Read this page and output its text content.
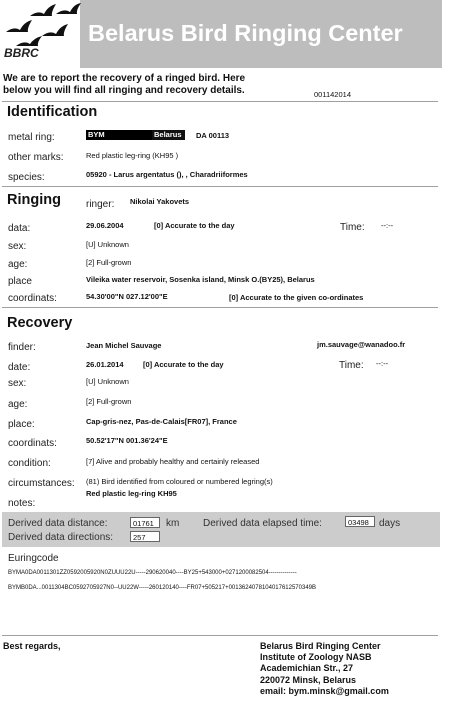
BBRC
Belarus Bird Ringing Center
We are to report the recovery of a ringed bird. Here
below you will find all ringing and recovery details.	001142014
Identification
metal ring:	BYM	Belarus	DA 00113
other marks:	Red plastic leg-ring (KH95 )
species:	05920 - Larus argentatus (), , Charadriiformes
Ringing	ringer: Nikolai Yakovets
data:	29.06.2004	[0] Accurate to the day	Time: --:--
sex:	[U] Unknown
age:	[2] Full-grown
place	Vileika water reservoir, Sosenka island, Minsk O.(BY25), Belarus
coordinats:	54.30'00"N 027.12'00"E	[0] Accurate to the given co-ordinates
Recovery
finder:	Jean Michel Sauvage	jm.sauvage@wanadoo.fr
date:	26.01.2014	[0] Accurate to the day	Time: --:--
sex:	[U] Unknown
age:	[2] Full-grown
place:	Cap-gris-nez, Pas-de-Calais[FR07], France
coordinats:	50.52'17"N 001.36'24"E
condition:	[7] Alive and probably healthy and certainly released
circumstances: (81) Bird identified from coloured or numbered legring(s)
Red plastic leg-ring KH95
notes:
Derived data distance:	01761	km Derived data elapsed time:	03498	days
Derived data directions:	257
Euringcode
BYMA0DA0011301ZZ0592005920N0ZUUU22U-----290620040----BY25+543000+0271200082504--------------
BYMB0DA...0011304BC0592705927N0--UU22W-----260120140----FR07+505217+0013624078104017612570349B
Best regards,	Belarus Bird Ringing Center
Institute of Zoology NASB
Academichian Str., 27
220072 Minsk, Belarus
email: bym.minsk@gmail.com
